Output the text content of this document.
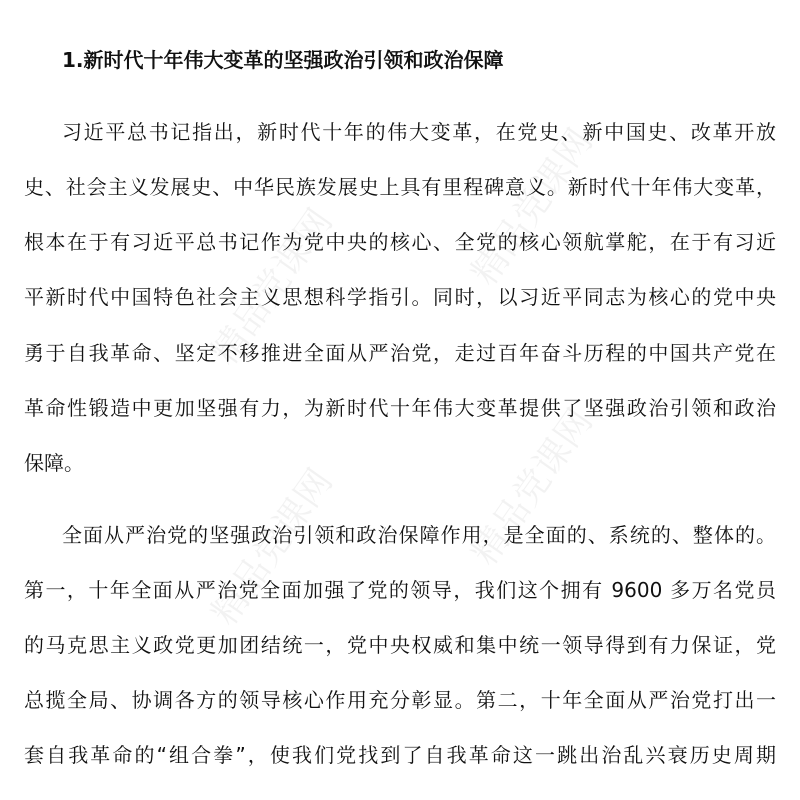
精品党课网
精品党课网
精品党课网
精品党课网
1.新时代十年伟大变革的坚强政治引领和政治保障
习近平总书记指出，新时代十年的伟大变革，在党史、新中国史、改革开放
史、社会主义发展史、中华民族发展史上具有里程碑意义。新时代十年伟大变革，
根本在于有习近平总书记作为党中央的核心、全党的核心领航掌舵，在于有习近
平新时代中国特色社会主义思想科学指引。同时，以习近平同志为核心的党中央
勇于自我革命、坚定不移推进全面从严治党，走过百年奋斗历程的中国共产党在
革命性锻造中更加坚强有力，为新时代十年伟大变革提供了坚强政治引领和政治
保障。
全面从严治党的坚强政治引领和政治保障作用，是全面的、系统的、整体的。
第一，十年全面从严治党全面加强了党的领导，我们这个拥有 9600 多万名党员
的马克思主义政党更加团结统一，党中央权威和集中统一领导得到有力保证，党
总揽全局、协调各方的领导核心作用充分彰显。第二，十年全面从严治党打出一
套自我革命的“组合拳”，使我们党找到了自我革命这一跳出治乱兴衰历史周期
